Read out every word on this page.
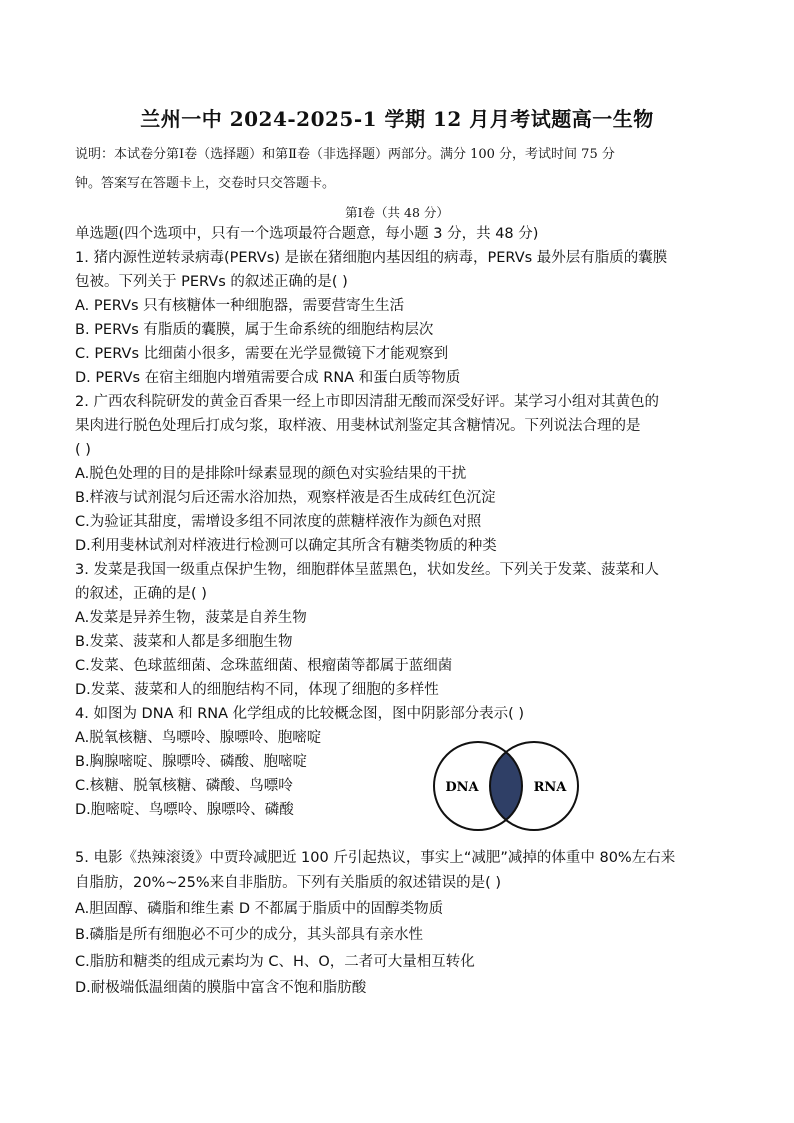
兰州一中 2024-2025-1 学期 12 月月考试题高一生物
说明：本试卷分第Ⅰ卷（选择题）和第Ⅱ卷（非选择题）两部分。满分 100 分，考试时间 75 分
钟。答案写在答题卡上，交卷时只交答题卡。
第Ⅰ卷（共 48 分）
单选题(四个选项中，只有一个选项最符合题意，每小题 3 分，共 48 分)
1. 猪内源性逆转录病毒(PERVs) 是嵌在猪细胞内基因组的病毒，PERVs 最外层有脂质的囊膜
包被。下列关于 PERVs 的叙述正确的是( )
A. PERVs 只有核糖体一种细胞器，需要营寄生生活
B. PERVs 有脂质的囊膜，属于生命系统的细胞结构层次
C. PERVs 比细菌小很多，需要在光学显微镜下才能观察到
D. PERVs 在宿主细胞内增殖需要合成 RNA 和蛋白质等物质
2. 广西农科院研发的黄金百香果一经上市即因清甜无酸而深受好评。某学习小组对其黄色的
果肉进行脱色处理后打成匀浆，取样液、用斐林试剂鉴定其含糖情况。下列说法合理的是
( )
A.脱色处理的目的是排除叶绿素显现的颜色对实验结果的干扰
B.样液与试剂混匀后还需水浴加热，观察样液是否生成砖红色沉淀
C.为验证其甜度，需增设多组不同浓度的蔗糖样液作为颜色对照
D.利用斐林试剂对样液进行检测可以确定其所含有糖类物质的种类
3. 发菜是我国一级重点保护生物，细胞群体呈蓝黑色，状如发丝。下列关于发菜、菠菜和人
的叙述，正确的是( )
A.发菜是异养生物，菠菜是自养生物
B.发菜、菠菜和人都是多细胞生物
C.发菜、色球蓝细菌、念珠蓝细菌、根瘤菌等都属于蓝细菌
D.发菜、菠菜和人的细胞结构不同，体现了细胞的多样性
4. 如图为 DNA 和 RNA 化学组成的比较概念图，图中阴影部分表示( )
A.脱氧核糖、鸟嘌呤、腺嘌呤、胞嘧啶
B.胸腺嘧啶、腺嘌呤、磷酸、胞嘧啶
C.核糖、脱氧核糖、磷酸、鸟嘌呤
D.胞嘧啶、鸟嘌呤、腺嘌呤、磷酸
DNA	RNA
5. 电影《热辣滚烫》中贾玲减肥近 100 斤引起热议，事实上“减肥”减掉的体重中 80%左右来
自脂肪，20%~25%来自非脂肪。下列有关脂质的叙述错误的是( )
A.胆固醇、磷脂和维生素 D 不都属于脂质中的固醇类物质
B.磷脂是所有细胞必不可少的成分，其头部具有亲水性
C.脂肪和糖类的组成元素均为 C、H、O，二者可大量相互转化
D.耐极端低温细菌的膜脂中富含不饱和脂肪酸
